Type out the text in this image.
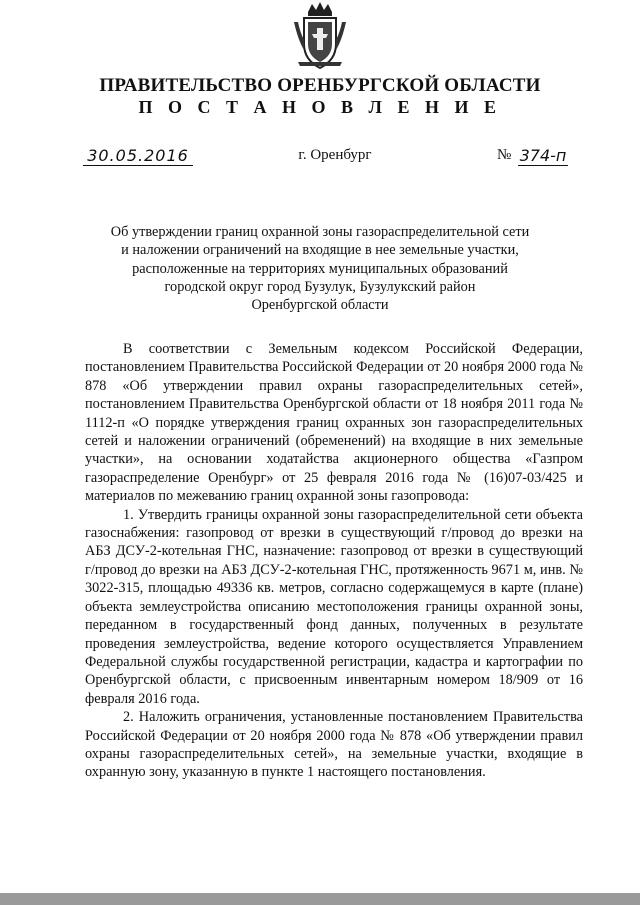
ПРАВИТЕЛЬСТВО ОРЕНБУРГСКОЙ ОБЛАСТИ
П О С Т А Н О В Л Е Н И Е
30.05.2016	г. Оренбург	№ 374-п
Об утверждении границ охранной зоны газораспределительной сети
и наложении ограничений на входящие в нее земельные участки,
расположенные на территориях муниципальных образований
городской округ город Бузулук, Бузулукский район
Оренбургской области

В соответствии с Земельным кодексом Российской Федерации, постановлением Правительства Российской Федерации от 20 ноября 2000 года № 878 «Об утверждении правил охраны газораспределительных сетей», постановлением Правительства Оренбургской области от 18 ноября 2011 года № 1112-п «О порядке утверждения границ охранных зон газораспределительных сетей и наложении ограничений (обременений) на входящие в них земельные участки», на основании ходатайства акционерного общества «Газпром газораспределение Оренбург» от 25 февраля 2016 года № (16)07-03/425 и материалов по межеванию границ охранной зоны газопровода:

1. Утвердить границы охранной зоны газораспределительной сети объекта газоснабжения: газопровод от врезки в существующий г/провод до врезки на АБЗ ДСУ-2-котельная ГНС, назначение: газопровод от врезки в существующий г/провод до врезки на АБЗ ДСУ-2-котельная ГНС, протяженность 9671 м, инв. № 3022-315, площадью 49336 кв. метров, согласно содержащемуся в карте (плане) объекта землеустройства описанию местоположения границы охранной зоны, переданном в государственный фонд данных, полученных в результате проведения землеустройства, ведение которого осуществляется Управлением Федеральной службы государственной регистрации, кадастра и картографии по Оренбургской области, с присвоенным инвентарным номером 18/909 от 16 февраля 2016 года.

2. Наложить ограничения, установленные постановлением Правительства Российской Федерации от 20 ноября 2000 года № 878 «Об утверждении правил охраны газораспределительных сетей», на земельные участки, входящие в охранную зону, указанную в пункте 1 настоящего постановления.
